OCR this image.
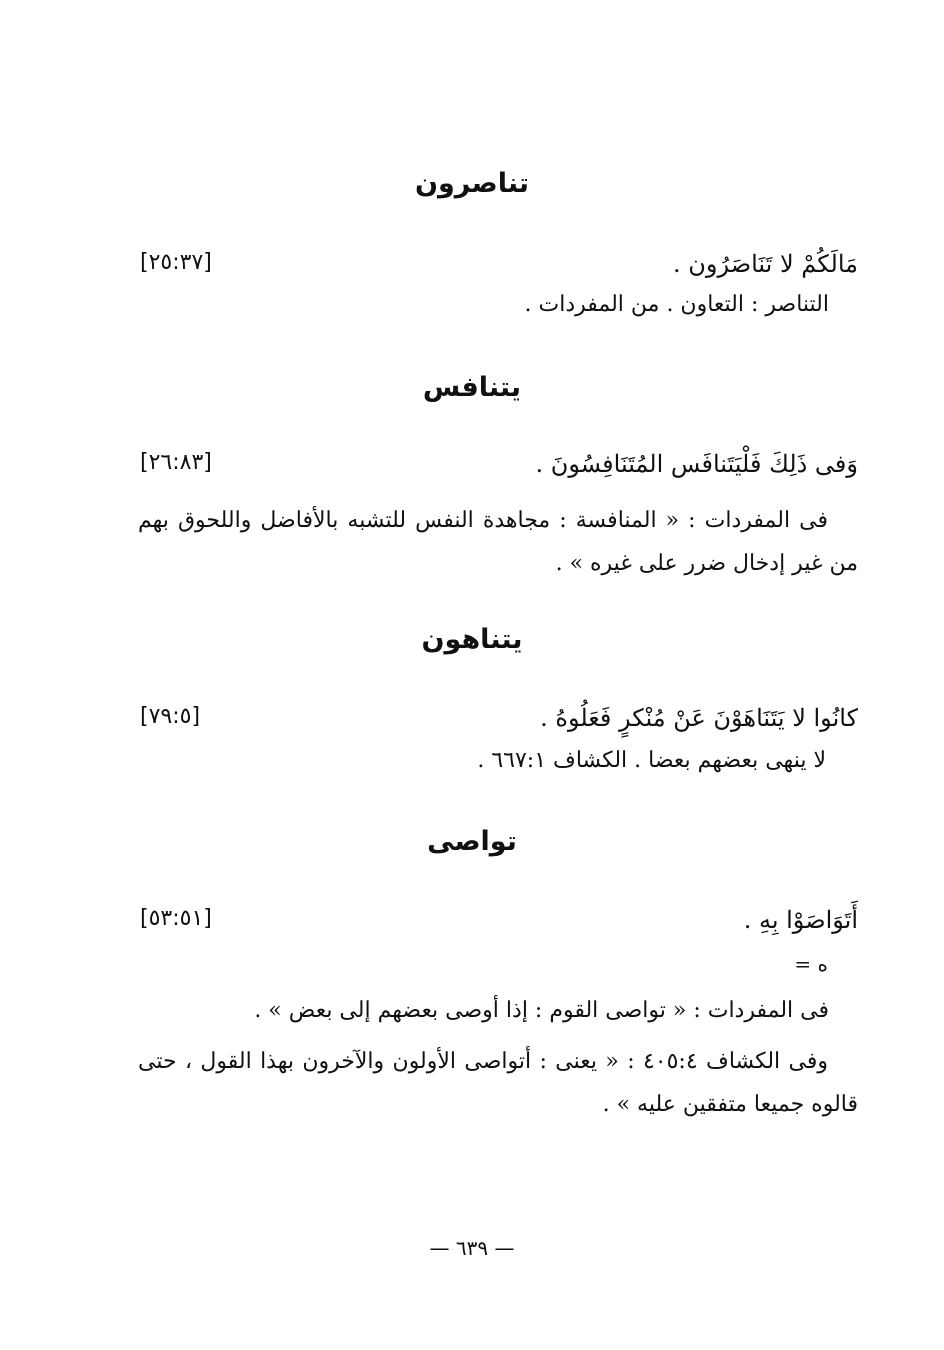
تناصرون
مَالَكُمْ لا تَنَاصَرُون .
[٢٥:٣٧]
التناصر : التعاون . من المفردات .
يتنافس
وَفى ذَلِكَ فَلْيَتَنافَس المُتَنَافِسُونَ .
[٢٦:٨٣]
فى المفردات : « المنافسة : مجاهدة النفس للتشبه بالأفاضل واللحوق بهم من غير إدخال ضرر على غيره » .
يتناهون
كانُوا لا يَتَنَاهَوْنَ عَنْ مُنْكرٍ فَعَلُوهُ .
[٧٩:٥]
لا ينهى بعضهم بعضا . الكشاف ٦٦٧:١ .
تواصى
أَتَوَاصَوْا بِهِ .
[٥٣:٥١]
ه =
فى المفردات : « تواصى القوم : إذا أوصى بعضهم إلى بعض » .
وفى الكشاف ٤٠٥:٤ : « يعنى : أتواصى الأولون والآخرون بهذا القول ، حتى قالوه جميعا متفقين عليه » .
— ٦٣٩ —
